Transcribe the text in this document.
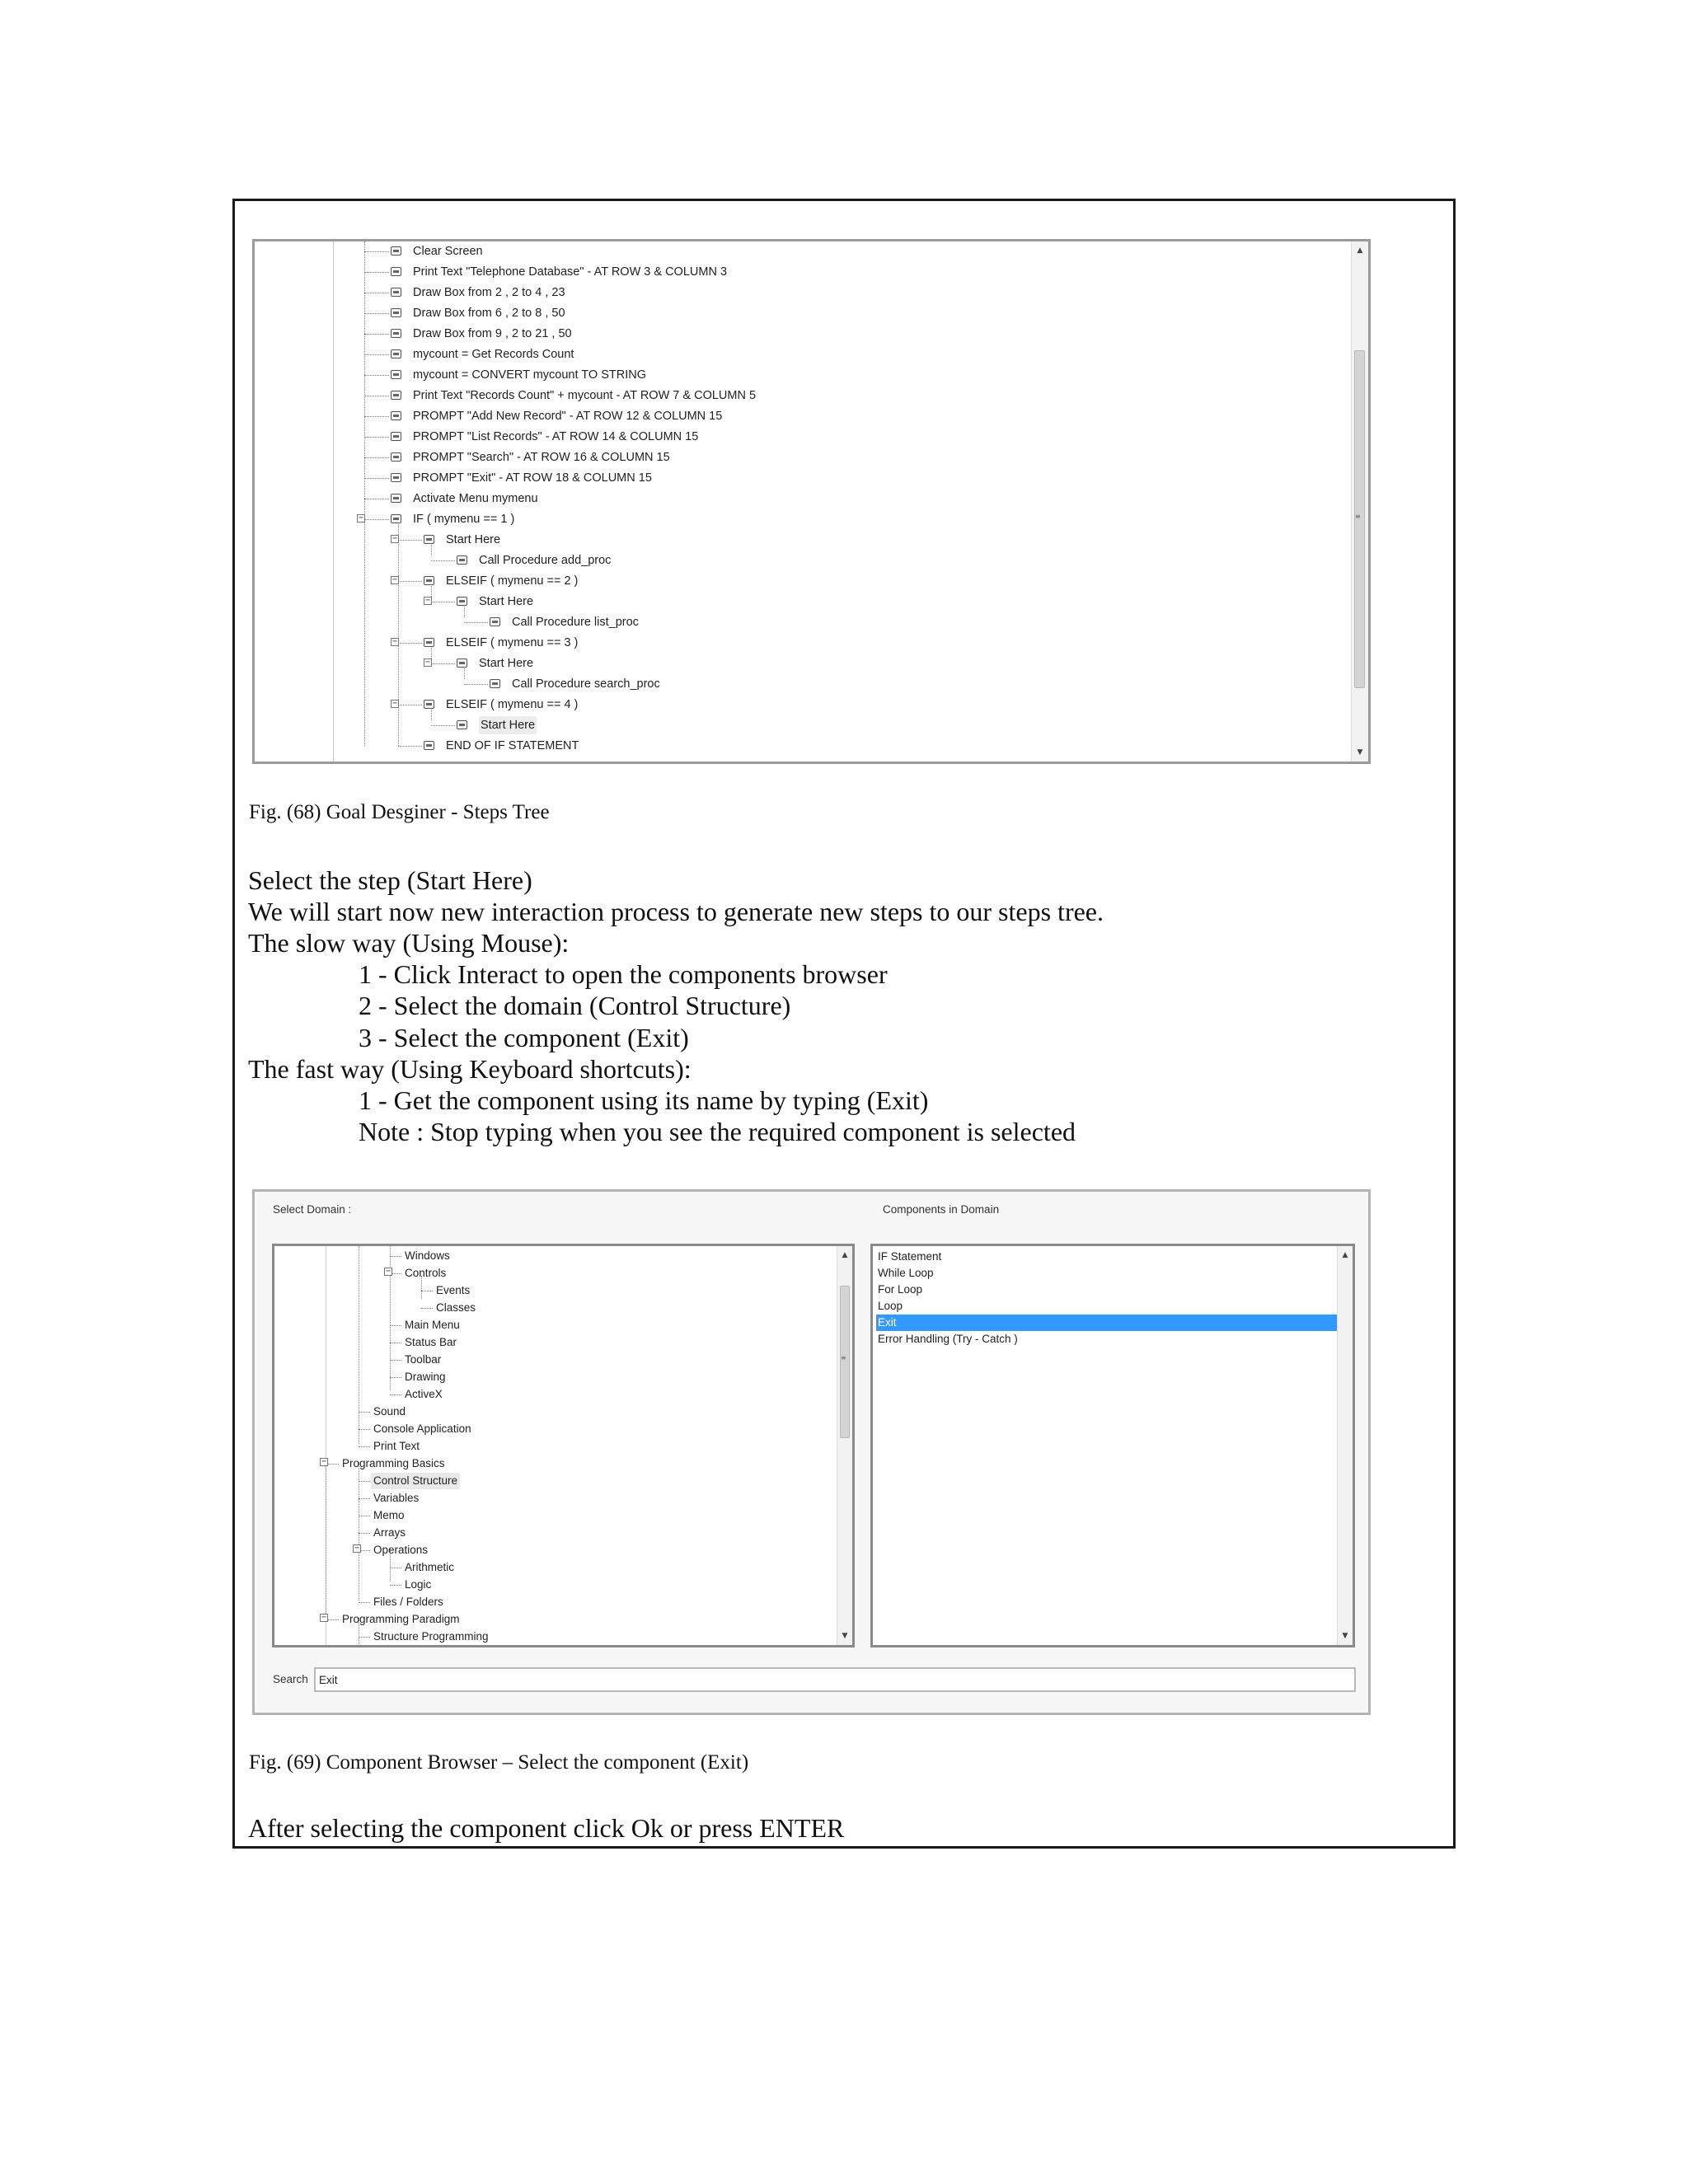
Clear Screen
Print Text "Telephone Database" - AT ROW 3 & COLUMN 3
Draw Box from 2 , 2 to 4 , 23
Draw Box from 6 , 2 to 8 , 50
Draw Box from 9 , 2 to 21 , 50
mycount = Get Records Count
mycount = CONVERT mycount TO STRING
Print Text "Records Count" + mycount - AT ROW 7 & COLUMN 5
PROMPT "Add New Record" - AT ROW 12 & COLUMN 15
PROMPT "List Records" - AT ROW 14 & COLUMN 15
PROMPT "Search" - AT ROW 16 & COLUMN 15
PROMPT "Exit" - AT ROW 18 & COLUMN 15
Activate Menu mymenu
IF ( mymenu == 1 )
Start Here
Call Procedure add_proc
ELSEIF ( mymenu == 2 )
Start Here
Call Procedure list_proc
ELSEIF ( mymenu == 3 )
Start Here
Call Procedure search_proc
ELSEIF ( mymenu == 4 )
Start Here
END OF IF STATEMENT
−
−
−
−
−
−
−
▲
≡
▼
Fig. (68) Goal Desginer - Steps Tree
Select the step (Start Here)
We will start now new interaction process to generate new steps to our steps tree.
The slow way (Using Mouse):
1 - Click Interact to open the components browser
2 - Select the domain (Control Structure)
3 - Select the component (Exit)
The fast way (Using Keyboard shortcuts):
1 - Get the component using its name by typing (Exit)
Note : Stop typing when you see the required component is selected
Select Domain :	Components in Domain
Windows
Controls
Events
Classes
Main Menu
Status Bar
Toolbar
Drawing
ActiveX
Sound
Console Application
Print Text
Programming Basics
Control Structure
Variables
Memo
Arrays
Operations
Arithmetic
Logic
Files / Folders
Programming Paradigm
Structure Programming
−
−
−
−
▲
≡
▼
IF Statement
While Loop
For Loop
Loop
Exit
Error Handling (Try - Catch )
▲
▼
Search
Exit
Fig. (69) Component Browser – Select the component (Exit)
After selecting the component click Ok or press ENTER
